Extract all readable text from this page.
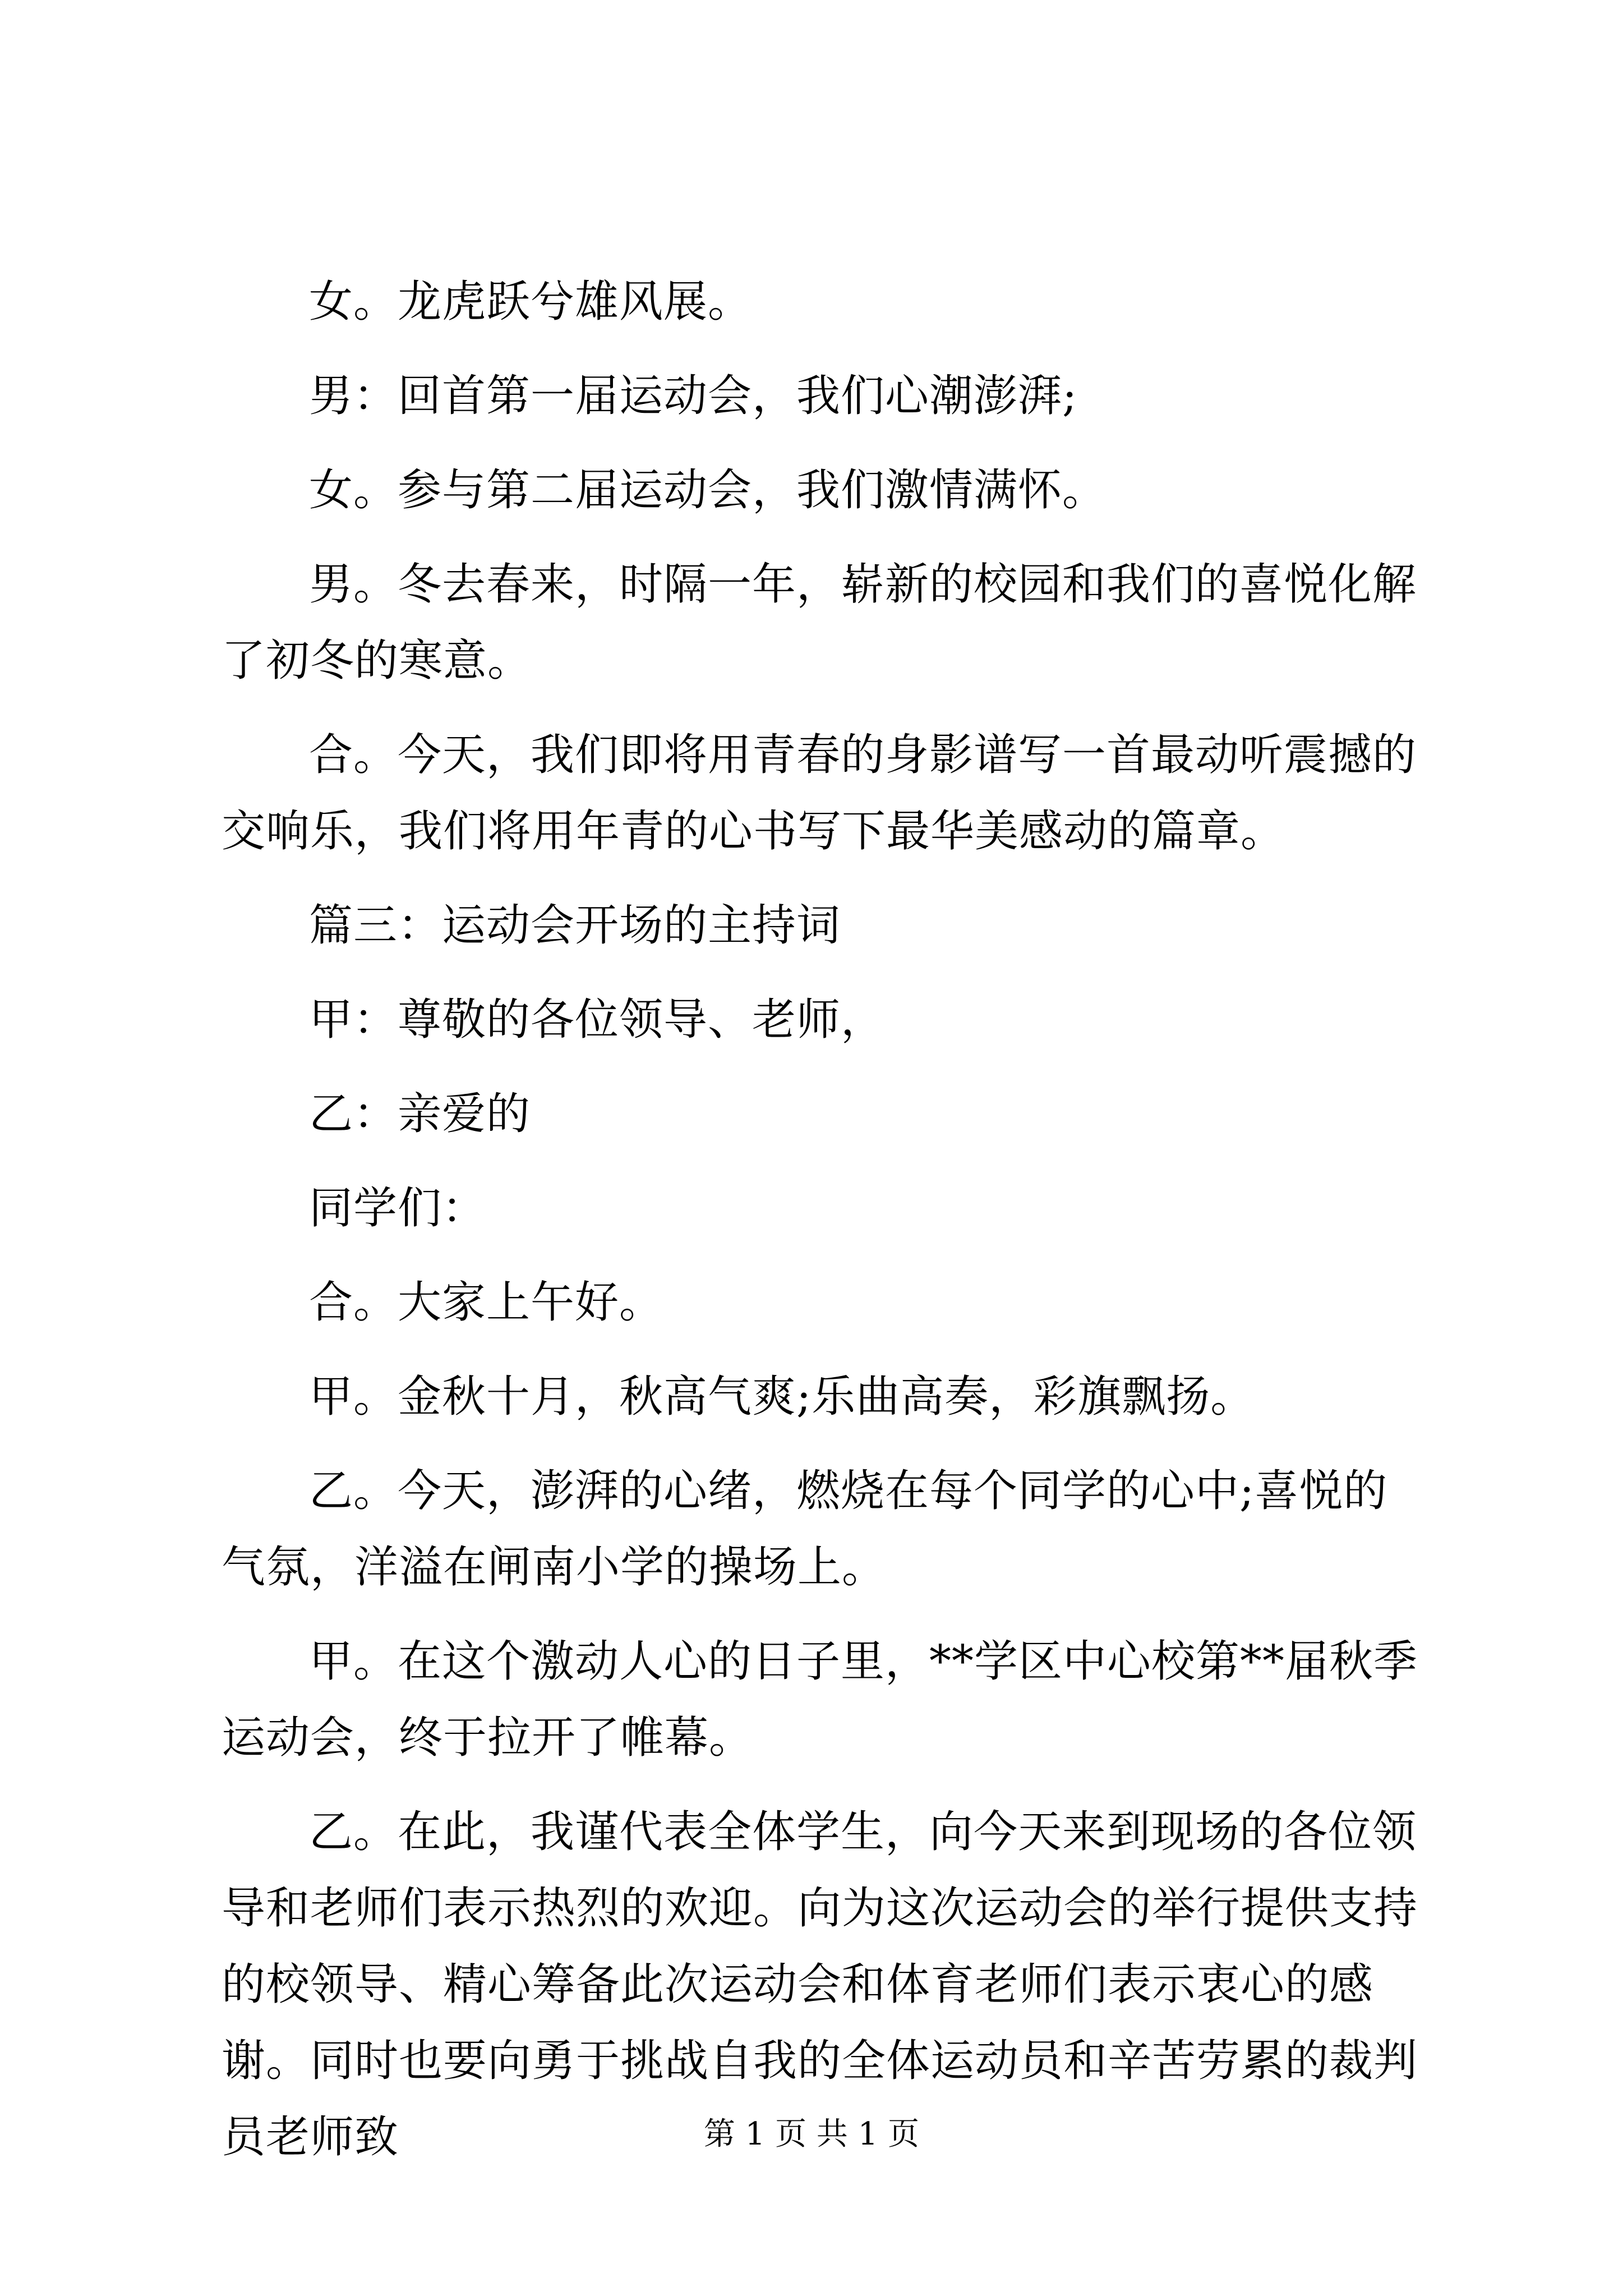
女。龙虎跃兮雄风展。

男：回首第一届运动会，我们心潮澎湃;

女。参与第二届运动会，我们激情满怀。

男。冬去春来，时隔一年，崭新的校园和我们的喜悦化解了初冬的寒意。

合。今天，我们即将用青春的身影谱写一首最动听震撼的交响乐，我们将用年青的心书写下最华美感动的篇章。

篇三：运动会开场的主持词

甲：尊敬的各位领导、老师，

乙：亲爱的

同学们：

合。大家上午好。

甲。金秋十月，秋高气爽;乐曲高奏，彩旗飘扬。

乙。今天，澎湃的心绪，燃烧在每个同学的心中;喜悦的气氛，洋溢在闸南小学的操场上。

甲。在这个激动人心的日子里，**学区中心校第**届秋季运动会，终于拉开了帷幕。

乙。在此，我谨代表全体学生，向今天来到现场的各位领导和老师们表示热烈的欢迎。向为这次运动会的举行提供支持的校领导、精心筹备此次运动会和体育老师们表示衷心的感谢。同时也要向勇于挑战自我的全体运动员和辛苦劳累的裁判员老师致	第 1 页 共 1 页
